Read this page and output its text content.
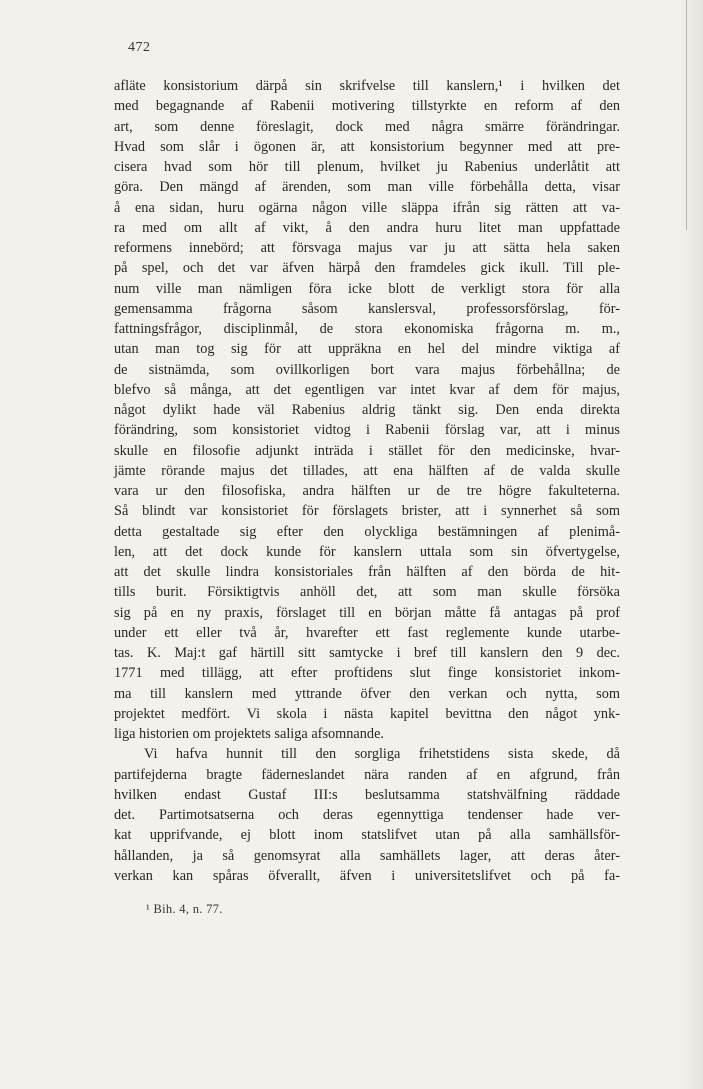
472
afläte konsistorium därpå sin skrifvelse till kanslern,¹ i hvilken det
med begagnande af Rabenii motivering tillstyrkte en reform af den
art, som denne föreslagit, dock med några smärre förändringar.
Hvad som slår i ögonen är, att konsistorium begynner med att pre-
cisera hvad som hör till plenum, hvilket ju Rabenius underlåtit att
göra. Den mängd af ärenden, som man ville förbehålla detta, visar
å ena sidan, huru ogärna någon ville släppa ifrån sig rätten att va-
ra med om allt af vikt, å den andra huru litet man uppfattade
reformens innebörd; att försvaga majus var ju att sätta hela saken
på spel, och det var äfven härpå den framdeles gick ikull. Till ple-
num ville man nämligen föra icke blott de verkligt stora för alla
gemensamma frågorna såsom kanslersval, professorsförslag, för-
fattningsfrågor, disciplinmål, de stora ekonomiska frågorna m. m.,
utan man tog sig för att uppräkna en hel del mindre viktiga af
de sistnämda, som ovillkorligen bort vara majus förbehållna; de
blefvo så många, att det egentligen var intet kvar af dem för majus,
något dylikt hade väl Rabenius aldrig tänkt sig. Den enda direkta
förändring, som konsistoriet vidtog i Rabenii förslag var, att i minus
skulle en filosofie adjunkt inträda i stället för den medicinske, hvar-
jämte rörande majus det tillades, att ena hälften af de valda skulle
vara ur den filosofiska, andra hälften ur de tre högre fakulteterna.
Så blindt var konsistoriet för förslagets brister, att i synnerhet så som
detta gestaltade sig efter den olyckliga bestämningen af plenimå-
len, att det dock kunde för kanslern uttala som sin öfvertygelse,
att det skulle lindra konsistoriales från hälften af den börda de hit-
tills burit. Försiktigtvis anhöll det, att som man skulle försöka
sig på en ny praxis, förslaget till en början måtte få antagas på prof
under ett eller två år, hvarefter ett fast reglemente kunde utarbe-
tas. K. Maj:t gaf härtill sitt samtycke i bref till kanslern den 9 dec.
1771 med tillägg, att efter proftidens slut finge konsistoriet inkom-
ma till kanslern med yttrande öfver den verkan och nytta, som
projektet medfört. Vi skola i nästa kapitel bevittna den något ynk-
liga historien om projektets saliga afsomnande.
Vi hafva hunnit till den sorgliga frihetstidens sista skede, då
partifejderna bragte fäderneslandet nära randen af en afgrund, från
hvilken endast Gustaf III:s beslutsamma statshvälfning räddade
det. Partimotsatserna och deras egennyttiga tendenser hade ver-
kat upprifvande, ej blott inom statslifvet utan på alla samhällsför-
hållanden, ja så genomsyrat alla samhällets lager, att deras åter-
verkan kan spåras öfverallt, äfven i universitetslifvet och på fa-
¹ Bih. 4, n. 77.
